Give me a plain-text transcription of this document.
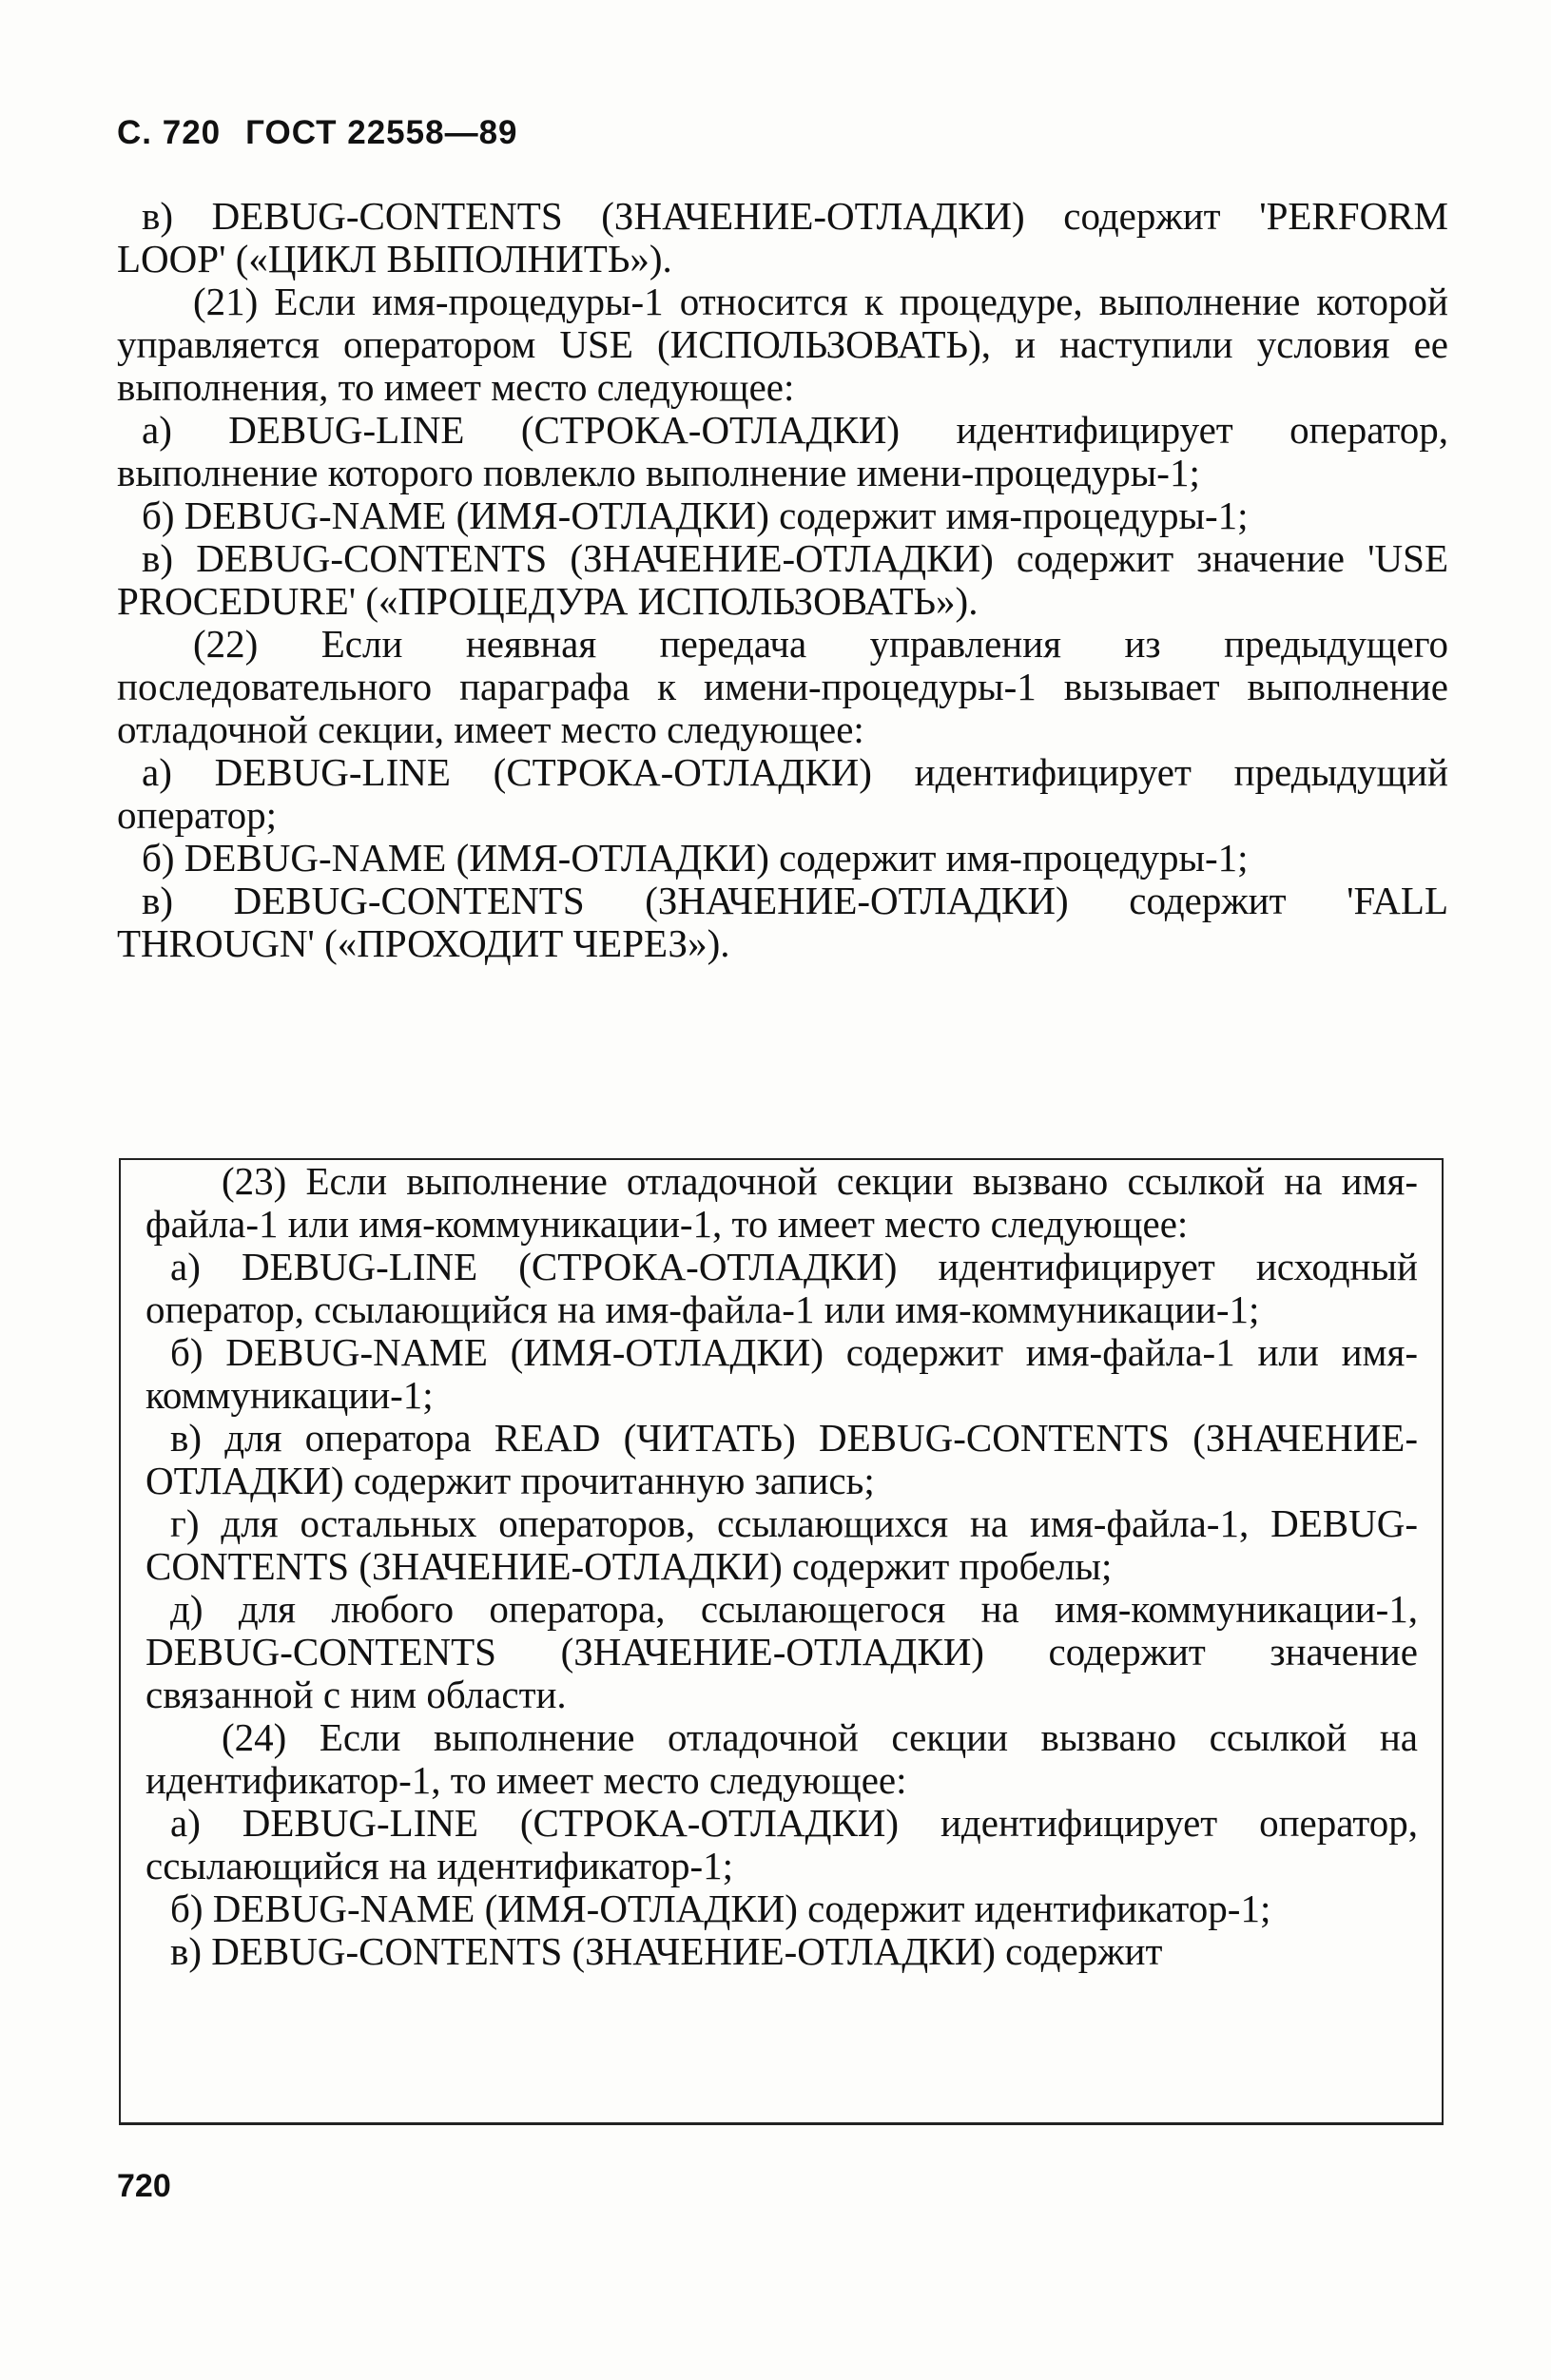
С. 720 ГОСТ 22558—89

в) DEBUG-CONTENTS (ЗНАЧЕНИЕ-ОТЛАДКИ) содержит 'PERFORM LOOP' («ЦИКЛ ВЫПОЛНИТЬ»).

(21) Если имя-процедуры-1 относится к процедуре, выполнение которой управляется оператором USE (ИСПОЛЬЗОВАТЬ), и наступили условия ее выполнения, то имеет место следующее:

а) DEBUG-LINE (СТРОКА-ОТЛАДКИ) идентифицирует оператор, выполнение которого повлекло выполнение имени-процедуры-1;

б) DEBUG-NAME (ИМЯ-ОТЛАДКИ) содержит имя-процедуры-1;

в) DEBUG-CONTENTS (ЗНАЧЕНИЕ-ОТЛАДКИ) содержит значение 'USE PROCEDURE' («ПРОЦЕДУРА ИСПОЛЬЗОВАТЬ»).

(22) Если неявная передача управления из предыдущего последовательного параграфа к имени-процедуры-1 вызывает выполнение отладочной секции, имеет место следующее:

а) DEBUG-LINE (СТРОКА-ОТЛАДКИ) идентифицирует предыдущий оператор;

б) DEBUG-NAME (ИМЯ-ОТЛАДКИ) содержит имя-процедуры-1;

в) DEBUG-CONTENTS (ЗНАЧЕНИЕ-ОТЛАДКИ) содержит 'FALL THROUGN' («ПРОХОДИТ ЧЕРЕЗ»).

(23) Если выполнение отладочной секции вызвано ссылкой на имя-файла-1 или имя-коммуникации-1, то имеет место следующее:

а) DEBUG-LINE (СТРОКА-ОТЛАДКИ) идентифицирует исходный оператор, ссылающийся на имя-файла-1 или имя-коммуникации-1;

б) DEBUG-NAME (ИМЯ-ОТЛАДКИ) содержит имя-файла-1 или имя-коммуникации-1;

в) для оператора READ (ЧИТАТЬ) DEBUG-CONTENTS (ЗНАЧЕНИЕ-ОТЛАДКИ) содержит прочитанную запись;

г) для остальных операторов, ссылающихся на имя-файла-1, DEBUG-CONTENTS (ЗНАЧЕНИЕ-ОТЛАДКИ) содержит пробелы;

д) для любого оператора, ссылающегося на имя-коммуникации-1, DEBUG-CONTENTS (ЗНАЧЕНИЕ-ОТЛАДКИ) содержит значение связанной с ним области.

(24) Если выполнение отладочной секции вызвано ссылкой на идентификатор-1, то имеет место следующее:

а) DEBUG-LINE (СТРОКА-ОТЛАДКИ) идентифицирует оператор, ссылающийся на идентификатор-1;

б) DEBUG-NAME (ИМЯ-ОТЛАДКИ) содержит идентификатор-1;

в) DEBUG-CONTENTS (ЗНАЧЕНИЕ-ОТЛАДКИ) содержит

720
